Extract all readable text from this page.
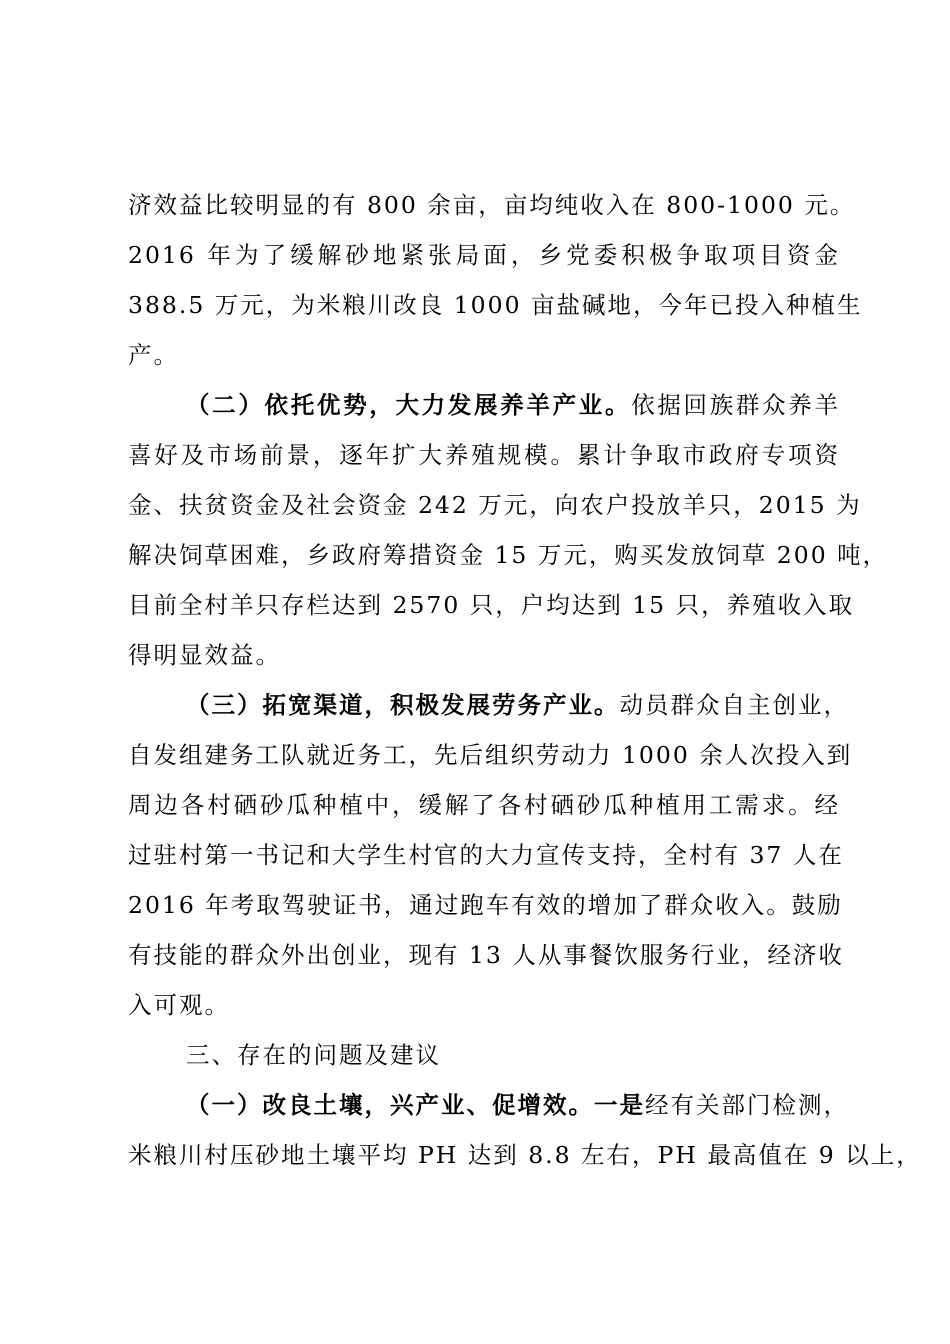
济效益比较明显的有 800 余亩，亩均纯收入在 800-1000 元。
2016 年为了缓解砂地紧张局面，乡党委积极争取项目资金
388.5 万元，为米粮川改良 1000 亩盐碱地，今年已投入种植生
产。
（二）依托优势，大力发展养羊产业。依据回族群众养羊
喜好及市场前景，逐年扩大养殖规模。累计争取市政府专项资
金、扶贫资金及社会资金 242 万元，向农户投放羊只，2015 为
解决饲草困难，乡政府筹措资金 15 万元，购买发放饲草 200 吨，
目前全村羊只存栏达到 2570 只，户均达到 15 只，养殖收入取
得明显效益。
（三）拓宽渠道，积极发展劳务产业。动员群众自主创业，
自发组建务工队就近务工，先后组织劳动力 1000 余人次投入到
周边各村硒砂瓜种植中，缓解了各村硒砂瓜种植用工需求。经
过驻村第一书记和大学生村官的大力宣传支持，全村有 37 人在
2016 年考取驾驶证书，通过跑车有效的增加了群众收入。鼓励
有技能的群众外出创业，现有 13 人从事餐饮服务行业，经济收
入可观。
三、存在的问题及建议
（一）改良土壤，兴产业、促增效。一是经有关部门检测，
米粮川村压砂地土壤平均 PH 达到 8.8 左右，PH 最高值在 9 以上，
